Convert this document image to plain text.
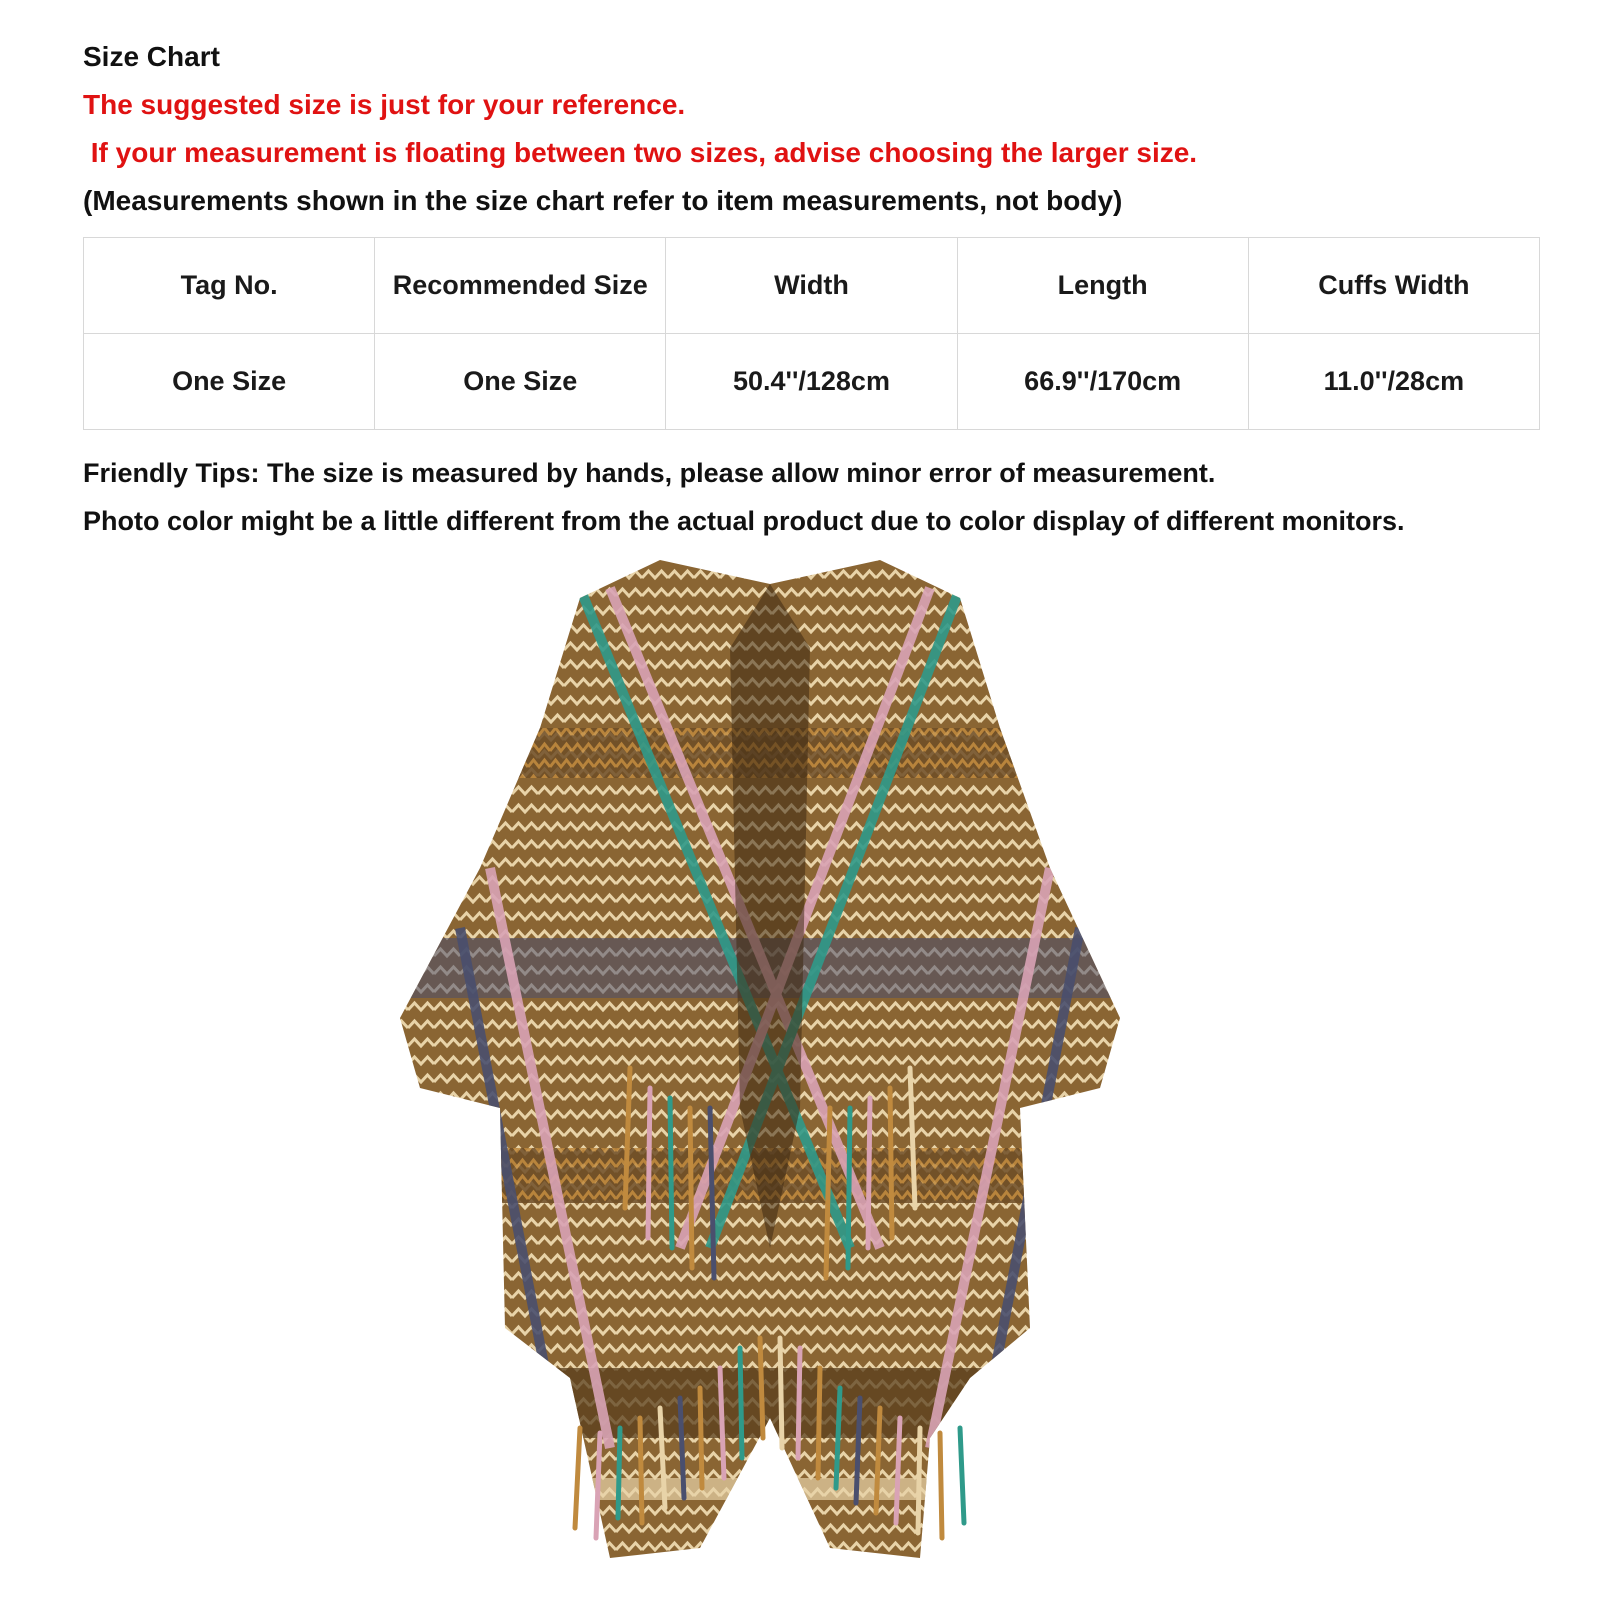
Size Chart

The suggested size is just for your reference.

If your measurement is floating between two sizes, advise choosing the larger size.

(Measurements shown in the size chart refer to item measurements, not body)

Tag No.	Recommended Size	Width	Length	Cuffs Width
One Size	One Size	50.4''/128cm	66.9''/170cm	11.0''/28cm

Friendly Tips: The size is measured by hands, please allow minor error of measurement.

Photo color might be a little different from the actual product due to color display of different monitors.
